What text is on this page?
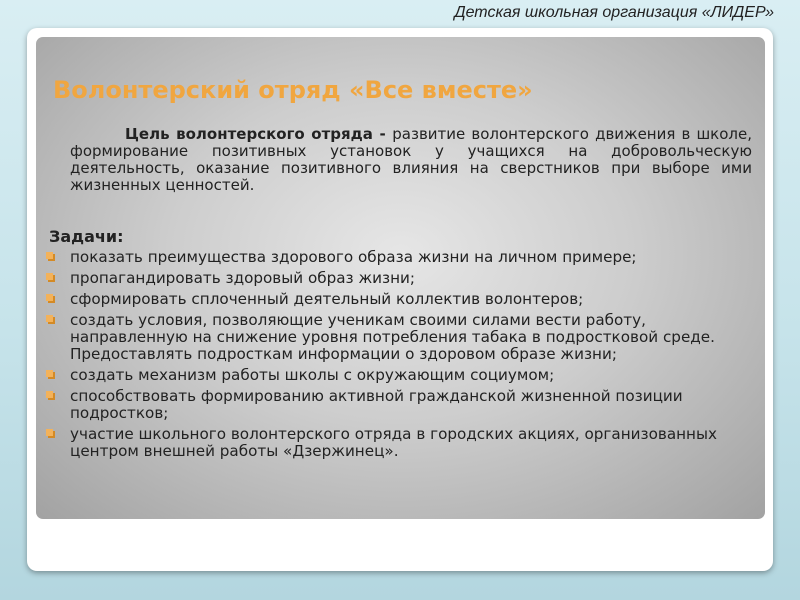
Детская школьная организация «ЛИДЕР»
Волонтерский отряд «Все вместе»

Цель волонтерского отряда - развитие волонтерского движения в школе, формирование позитивных установок у учащихся на добровольческую деятельность, оказание позитивного влияния на сверстников при выборе ими жизненных ценностей.

Задачи:
показать преимущества здорового образа жизни на личном примере;
пропагандировать здоровый образ жизни;
сформировать сплоченный деятельный коллектив волонтеров;
создать условия, позволяющие ученикам своими силами вести работу, направленную на снижение уровня потребления табака в подростковой среде. Предоставлять подросткам информации о здоровом образе жизни;
создать механизм работы школы с окружающим социумом;
способствовать формированию активной гражданской жизненной позиции подростков;
участие школьного волонтерского отряда в городских акциях, организованных центром внешней работы «Дзержинец».
